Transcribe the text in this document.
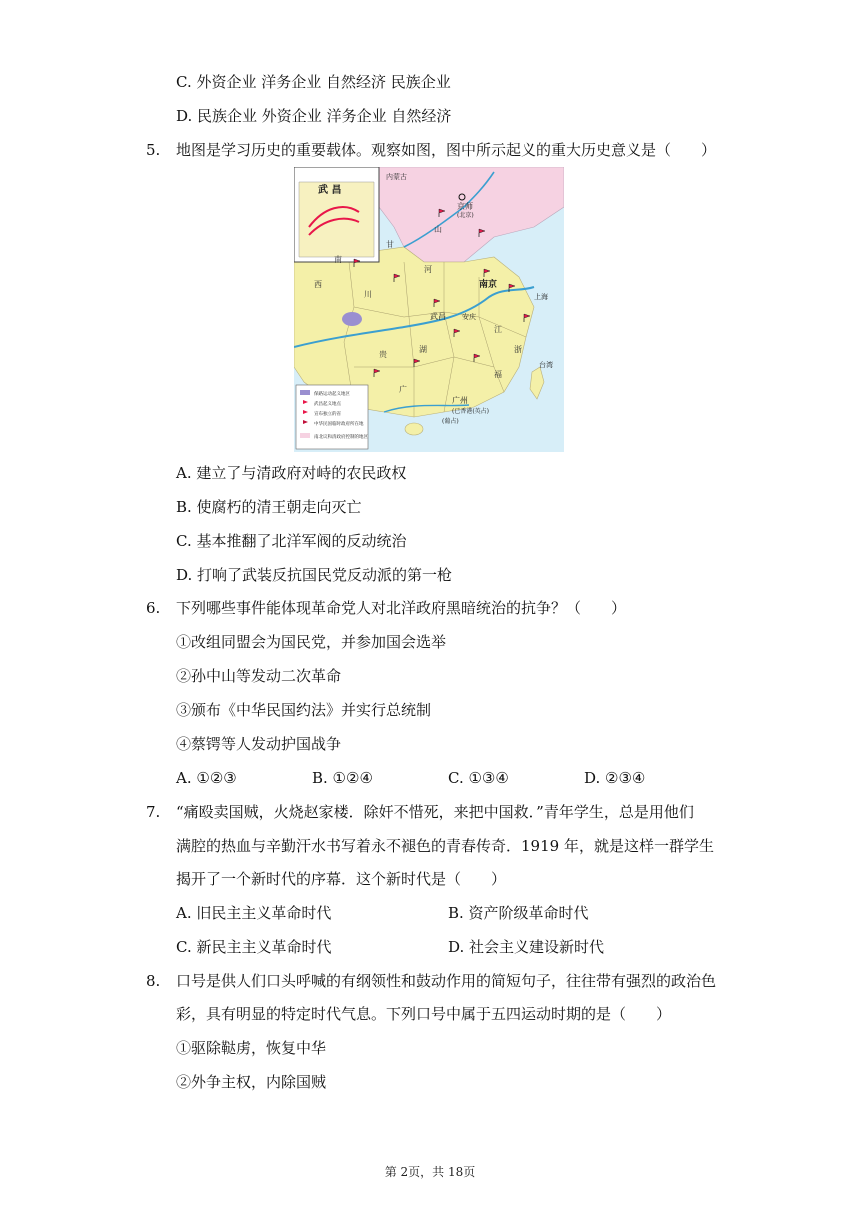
C. 外资企业 洋务企业 自然经济 民族企业
D. 民族企业 外资企业 洋务企业 自然经济
5. 地图是学习历史的重要载体。观察如图，图中所示起义的重大历史意义是（　　）
武 昌
内蒙古
京师
(北京)
山
甘
南京
上海
武昌 安庆
广州
(已香港(英占)
(葡占)
台湾
西
川
河
湖
江
南
贵
广
福
浙
保路运动起义地区
武昌起义地点
宣布独立的省
中华民国临时政府所在地
南北议和清政府控制的地区
A. 建立了与清政府对峙的农民政权
B. 使腐朽的清王朝走向灭亡
C. 基本推翻了北洋军阀的反动统治
D. 打响了武装反抗国民党反动派的第一枪
6. 下列哪些事件能体现革命党人对北洋政府黑暗统治的抗争？（　　）
①改组同盟会为国民党，并参加国会选举
②孙中山等发动二次革命
③颁布《中华民国约法》并实行总统制
④蔡锷等人发动护国战争
A. ①②③	B. ①②④	C. ①③④	D. ②③④
7. “痛殴卖国贼，火烧赵家楼．除奸不惜死，来把中国救．”青年学生，总是用他们
满腔的热血与辛勤汗水书写着永不褪色的青春传奇．1919 年，就是这样一群学生
揭开了一个新时代的序幕．这个新时代是（　　）
A. 旧民主主义革命时代	B. 资产阶级革命时代
C. 新民主主义革命时代	D. 社会主义建设新时代
8. 口号是供人们口头呼喊的有纲领性和鼓动作用的简短句子，往往带有强烈的政治色
彩，具有明显的特定时代气息。下列口号中属于五四运动时期的是（　　）
①驱除鞑虏，恢复中华
②外争主权，内除国贼
第 2页，共 18页
